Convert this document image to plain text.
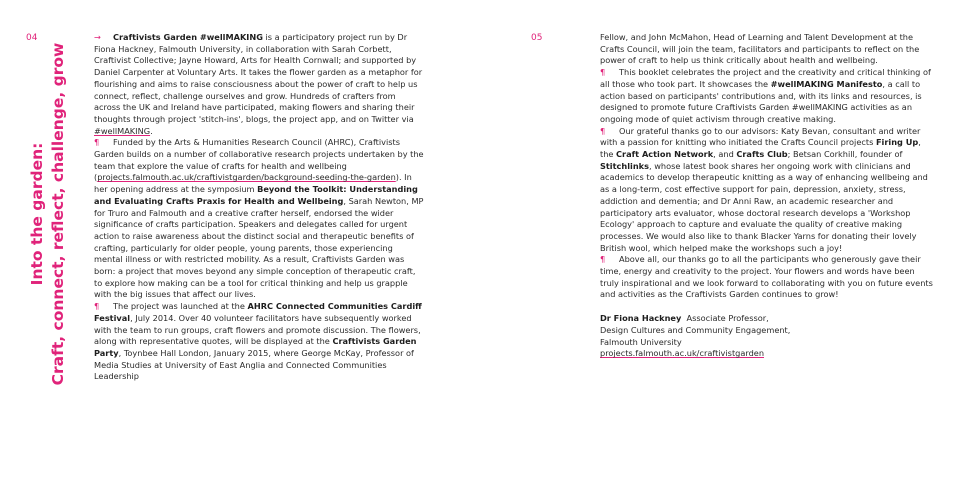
04	05
Into the garden: Craft, connect, reflect, challenge, grow

→ Craftivists Garden #wellMAKING is a participatory project run by Dr Fiona Hackney, Falmouth University, in collaboration with Sarah Corbett, Craftivist Collective; Jayne Howard, Arts for Health Cornwall; and supported by Daniel Carpenter at Voluntary Arts. It takes the flower garden as a metaphor for flourishing and aims to raise consciousness about the power of craft to help us connect, reflect, challenge ourselves and grow. Hundreds of crafters from across the UK and Ireland have participated, making flowers and sharing their thoughts through project 'stitch-ins', blogs, the project app, and on Twitter via #wellMAKING.

¶ Funded by the Arts & Humanities Research Council (AHRC), Craftivists Garden builds on a number of collaborative research projects undertaken by the team that explore the value of crafts for health and wellbeing (projects.falmouth.ac.uk/craftivistgarden/background-seeding-the-garden). In her opening address at the symposium Beyond the Toolkit: Understanding and Evaluating Crafts Praxis for Health and Wellbeing, Sarah Newton, MP for Truro and Falmouth and a creative crafter herself, endorsed the wider significance of crafts participation. Speakers and delegates called for urgent action to raise awareness about the distinct social and therapeutic benefits of crafting, particularly for older people, young parents, those experiencing mental illness or with restricted mobility. As a result, Craftivists Garden was born: a project that moves beyond any simple conception of therapeutic craft, to explore how making can be a tool for critical thinking and help us grapple with the big issues that affect our lives.

¶ The project was launched at the AHRC Connected Communities Cardiff Festival, July 2014. Over 40 volunteer facilitators have subsequently worked with the team to run groups, craft flowers and promote discussion. The flowers, along with representative quotes, will be displayed at the Craftivists Garden Party, Toynbee Hall London, January 2015, where George McKay, Professor of Media Studies at University of East Anglia and Connected Communities Leadership

Fellow, and John McMahon, Head of Learning and Talent Development at the Crafts Council, will join the team, facilitators and participants to reflect on the power of craft to help us think critically about health and wellbeing.

¶ This booklet celebrates the project and the creativity and critical thinking of all those who took part. It showcases the #wellMAKING Manifesto, a call to action based on participants' contributions and, with its links and resources, is designed to promote future Craftivists Garden #wellMAKING activities as an ongoing mode of quiet activism through creative making.

¶ Our grateful thanks go to our advisors: Katy Bevan, consultant and writer with a passion for knitting who initiated the Crafts Council projects Firing Up, the Craft Action Network, and Crafts Club; Betsan Corkhill, founder of Stitchlinks, whose latest book shares her ongoing work with clinicians and academics to develop therapeutic knitting as a way of enhancing wellbeing and as a long-term, cost effective support for pain, depression, anxiety, stress, addiction and dementia; and Dr Anni Raw, an academic researcher and participatory arts evaluator, whose doctoral research develops a 'Workshop Ecology' approach to capture and evaluate the quality of creative making processes. We would also like to thank Blacker Yarns for donating their lovely British wool, which helped make the workshops such a joy!

¶ Above all, our thanks go to all the participants who generously gave their time, energy and creativity to the project. Your flowers and words have been truly inspirational and we look forward to collaborating with you on future events and activities as the Craftivists Garden continues to grow!

Dr Fiona Hackney Associate Professor,
Design Cultures and Community Engagement,
Falmouth University
projects.falmouth.ac.uk/craftivistgarden
